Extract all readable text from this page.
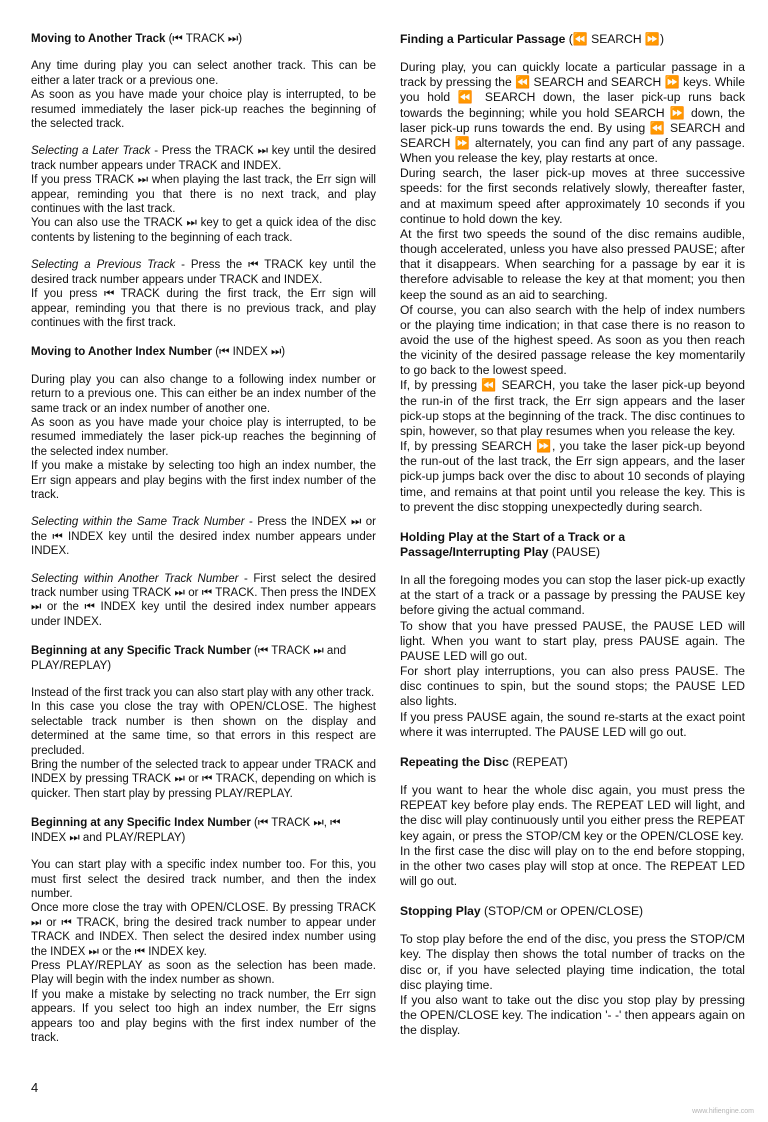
Moving to Another Track (⏮ TRACK ⏭)

Any time during play you can select another track. This can be either a later track or a previous one.

As soon as you have made your choice play is interrupted, to be resumed immediately the laser pick-up reaches the beginning of the selected track.

Selecting a Later Track - Press the TRACK ⏭ key until the desired track number appears under TRACK and INDEX.

If you press TRACK ⏭ when playing the last track, the Err sign will appear, reminding you that there is no next track, and play continues with the last track.

You can also use the TRACK ⏭ key to get a quick idea of the disc contents by listening to the beginning of each track.

Selecting a Previous Track - Press the ⏮ TRACK key until the desired track number appears under TRACK and INDEX.

If you press ⏮ TRACK during the first track, the Err sign will appear, reminding you that there is no previous track, and play continues with the first track.

Moving to Another Index Number (⏮ INDEX ⏭)

During play you can also change to a following index number or return to a previous one. This can either be an index number of the same track or an index number of another one.

As soon as you have made your choice play is interrupted, to be resumed immediately the laser pick-up reaches the beginning of the selected index number.

If you make a mistake by selecting too high an index number, the Err sign appears and play begins with the first index number of the track.

Selecting within the Same Track Number - Press the INDEX ⏭ or the ⏮ INDEX key until the desired index number appears under INDEX.

Selecting within Another Track Number - First select the desired track number using TRACK ⏭ or ⏮ TRACK. Then press the INDEX ⏭ or the ⏮ INDEX key until the desired index number appears under INDEX.

Beginning at any Specific Track Number (⏮ TRACK ⏭ and PLAY/REPLAY)

Instead of the first track you can also start play with any other track.

In this case you close the tray with OPEN/CLOSE. The highest selectable track number is then shown on the display and determined at the same time, so that errors in this respect are precluded.

Bring the number of the selected track to appear under TRACK and INDEX by pressing TRACK ⏭ or ⏮ TRACK, depending on which is quicker. Then start play by pressing PLAY/REPLAY.

Beginning at any Specific Index Number (⏮ TRACK ⏭, ⏮ INDEX ⏭ and PLAY/REPLAY)

You can start play with a specific index number too. For this, you must first select the desired track number, and then the index number.

Once more close the tray with OPEN/CLOSE. By pressing TRACK ⏭ or ⏮ TRACK, bring the desired track number to appear under TRACK and INDEX. Then select the desired index number using the INDEX ⏭ or the ⏮ INDEX key.

Press PLAY/REPLAY as soon as the selection has been made. Play will begin with the index number as shown.

If you make a mistake by selecting no track number, the Err sign appears. If you select too high an index number, the Err signs appears too and play begins with the first index number of the track.

Finding a Particular Passage (⏪ SEARCH ⏩)

During play, you can quickly locate a particular passage in a track by pressing the ⏪ SEARCH and SEARCH ⏩ keys. While you hold ⏪ SEARCH down, the laser pick-up runs back towards the beginning; while you hold SEARCH ⏩ down, the laser pick-up runs towards the end. By using ⏪ SEARCH and SEARCH ⏩ alternately, you can find any part of any passage. When you release the key, play restarts at once.

During search, the laser pick-up moves at three successive speeds: for the first seconds relatively slowly, thereafter faster, and at maximum speed after approximately 10 seconds if you continue to hold down the key.

At the first two speeds the sound of the disc remains audible, though accelerated, unless you have also pressed PAUSE; after that it disappears. When searching for a passage by ear it is therefore advisable to release the key at that moment; you then keep the sound as an aid to searching.

Of course, you can also search with the help of index numbers or the playing time indication; in that case there is no reason to avoid the use of the highest speed. As soon as you then reach the vicinity of the desired passage release the key momentarily to go back to the lowest speed.

If, by pressing ⏪ SEARCH, you take the laser pick-up beyond the run-in of the first track, the Err sign appears and the laser pick-up stops at the beginning of the track. The disc continues to spin, however, so that play resumes when you release the key.

If, by pressing SEARCH ⏩, you take the laser pick-up beyond the run-out of the last track, the Err sign appears, and the laser pick-up jumps back over the disc to about 10 seconds of playing time, and remains at that point until you release the key. This is to prevent the disc stopping unexpectedly during search.

Holding Play at the Start of a Track or a Passage/Interrupting Play (PAUSE)

In all the foregoing modes you can stop the laser pick-up exactly at the start of a track or a passage by pressing the PAUSE key before giving the actual command.

To show that you have pressed PAUSE, the PAUSE LED will light. When you want to start play, press PAUSE again. The PAUSE LED will go out.

For short play interruptions, you can also press PAUSE. The disc continues to spin, but the sound stops; the PAUSE LED also lights.

If you press PAUSE again, the sound re-starts at the exact point where it was interrupted. The PAUSE LED will go out.

Repeating the Disc (REPEAT)

If you want to hear the whole disc again, you must press the REPEAT key before play ends. The REPEAT LED will light, and the disc will play continuously until you either press the REPEAT key again, or press the STOP/CM key or the OPEN/CLOSE key.

In the first case the disc will play on to the end before stopping, in the other two cases play will stop at once. The REPEAT LED will go out.

Stopping Play (STOP/CM or OPEN/CLOSE)

To stop play before the end of the disc, you press the STOP/CM key. The display then shows the total number of tracks on the disc or, if you have selected playing time indication, the total disc playing time.

If you also want to take out the disc you stop play by pressing the OPEN/CLOSE key. The indication '- -' then appears again on the display.

4
www.hifiengine.com
